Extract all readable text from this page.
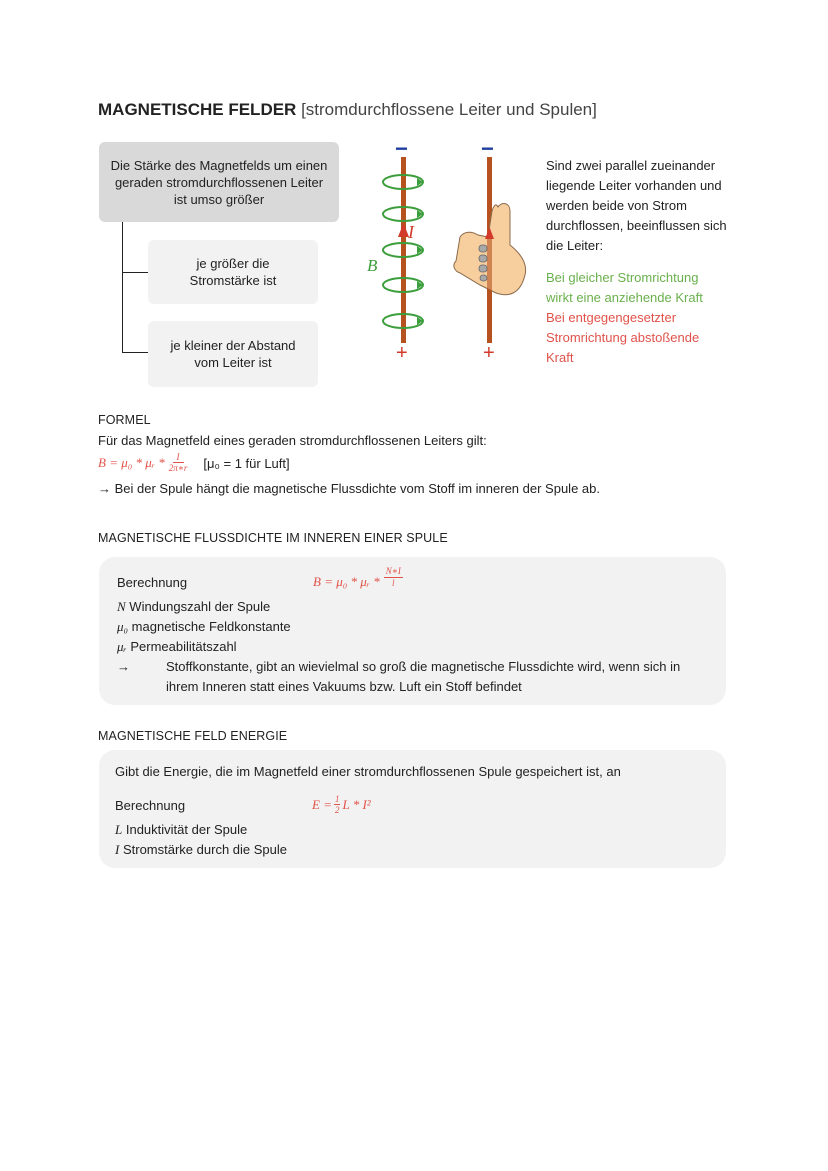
MAGNETISCHE FELDER [stromdurchflossene Leiter und Spulen]
Die Stärke des Magnetfelds um einen geraden stromdurchflossenen Leiter ist umso größer
je größer die Stromstärke ist
je kleiner der Abstand vom Leiter ist
−	−
+	+
I
B
Sind zwei parallel zueinander liegende Leiter vorhanden und werden beide von Strom durchflossen, beeinflussen sich die Leiter:
Bei gleicher Stromrichtung wirkt eine anziehende Kraft
Bei entgegengesetzter Stromrichtung abstoßende Kraft
FORMEL
Für das Magnetfeld eines geraden stromdurchflossenen Leiters gilt:
B = μ₀ * μᵣ * $\frac{I}{2\pi∗r} [\mu_0 = 1$ für Luft]
→ Bei der Spule hängt die magnetische Flussdichte vom Stoff im inneren der Spule ab.
MAGNETISCHE FLUSSDICHTE IM INNEREN EINER SPULE
Berechnung	B = μ₀ * μᵣ * $\frac{N∗I}{l}$
N Windungszahl der Spule
μ₀ magnetische Feldkonstante
μᵣ Permeabilitätszahl
→	Stoffkonstante, gibt an wievielmal so groß die magnetische Flussdichte wird, wenn sich in ihrem Inneren statt eines Vakuums bzw. Luft ein Stoff befindet
MAGNETISCHE FELD ENERGIE
Gibt die Energie, die im Magnetfeld einer stromdurchflossenen Spule gespeichert ist, an
Berechnung	$E = \frac{1}{2}$ L * I²
L Induktivität der Spule
I Stromstärke durch die Spule
